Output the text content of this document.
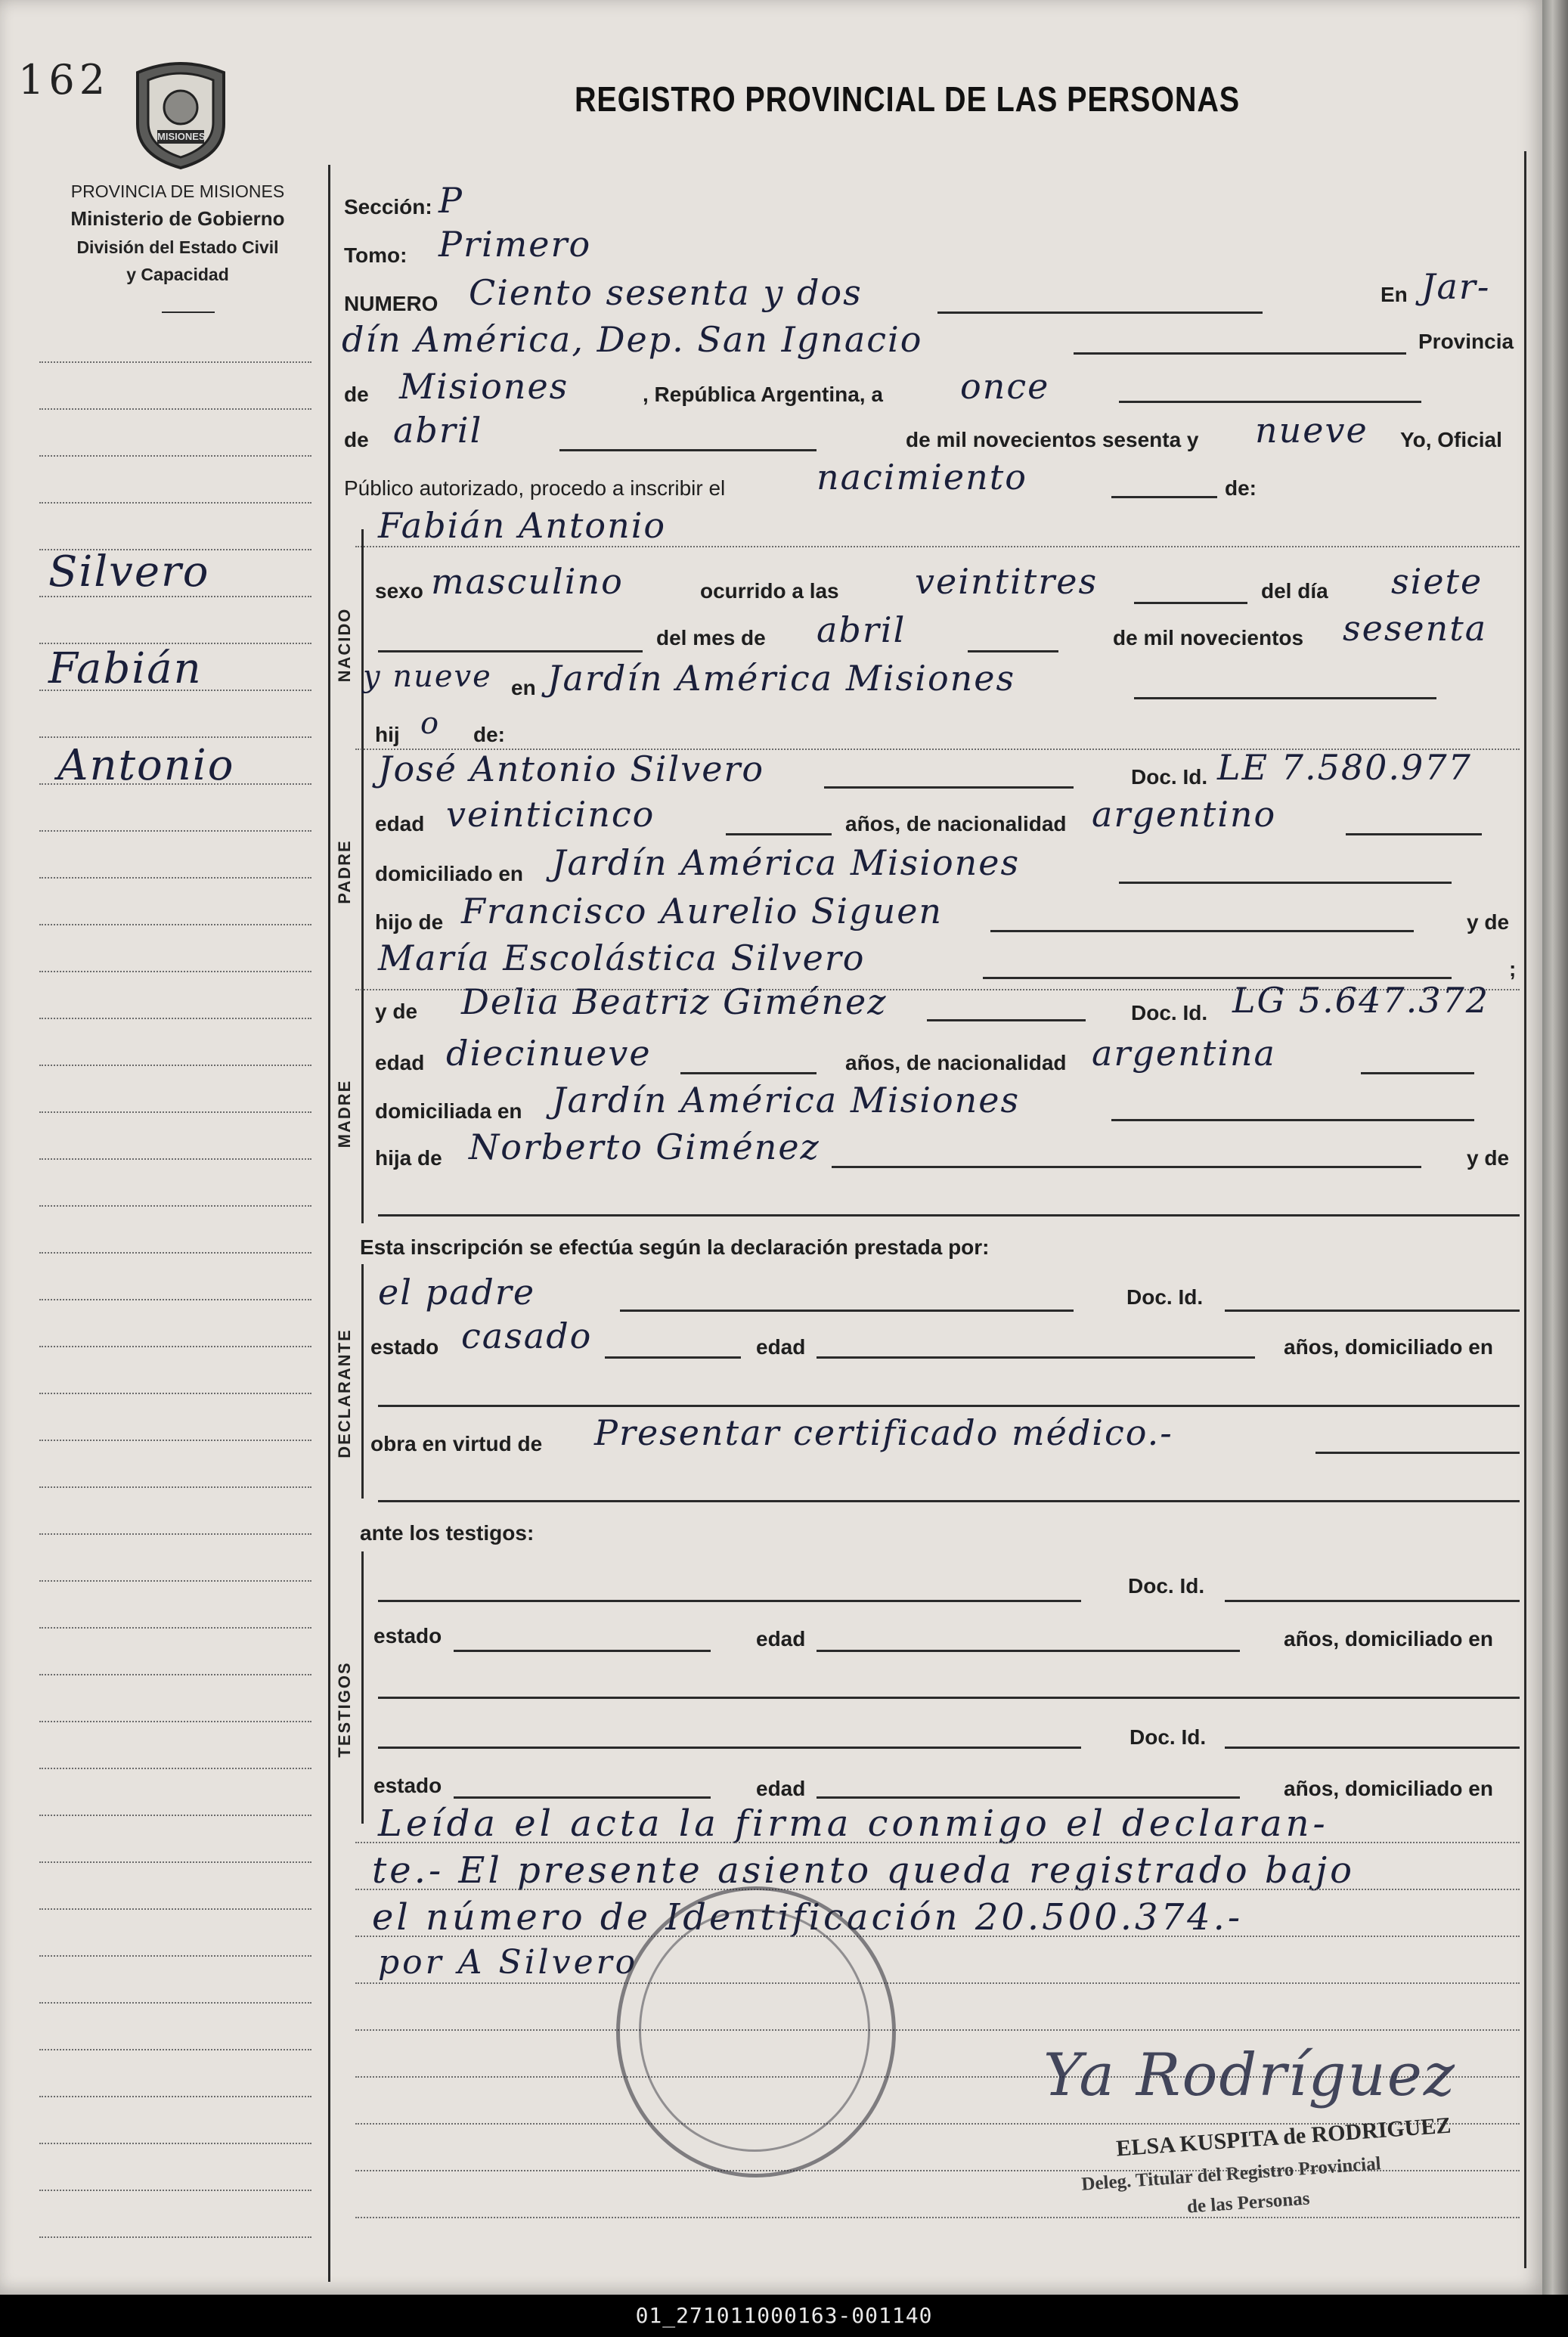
162
MISIONES
REGISTRO PROVINCIAL DE LAS PERSONAS
PROVINCIA DE MISIONES
Ministerio de Gobierno
División del Estado Civil
y Capacidad
Silvero
Fabián
Antonio
Sección: P
Tomo: Primero
NUMERO Ciento sesenta y dos	En Jar-
dín América, Dep. San Ignacio	Provincia
de Misiones	, República Argentina, a once
de abril	de mil novecientos sesenta y nueve Yo, Oficial
Público autorizado, procedo a inscribir el	nacimiento	de:
Fabián Antonio
NACIDO
sexo masculino	ocurrido a las veintitres	del día siete
del mes de abril	de mil novecientos sesenta
y nueve en Jardín América Misiones
hij o de:
PADRE
José Antonio Silvero	Doc. Id. LE 7.580.977
edad veinticinco	años, de nacionalidad argentino
domiciliado en Jardín América Misiones
hijo de Francisco Aurelio Siguen	y de
María Escolástica Silvero	;
MADRE
y de Delia Beatriz Giménez	Doc. Id. LG 5.647.372
edad diecinueve	años, de nacionalidad argentina
domiciliada en Jardín América Misiones
hija de Norberto Giménez	y de
Esta inscripción se efectúa según la declaración prestada por:
DECLARANTE
el padre	Doc. Id.
estado casado	edad	años, domiciliado en
obra en virtud de Presentar certificado médico.-
ante los testigos:
TESTIGOS
Doc. Id.
estado	edad	años, domiciliado en
Doc. Id.
estado	edad	años, domiciliado en
Leída el acta la firma conmigo el declaran-
te.- El presente asiento queda registrado bajo
el número de Identificación 20.500.374.-
por A Silvero
Ya Rodríguez
ELSA KUSPITA de RODRIGUEZ
Deleg. Titular del Registro Provincial
de las Personas
01_271011000163-001140
